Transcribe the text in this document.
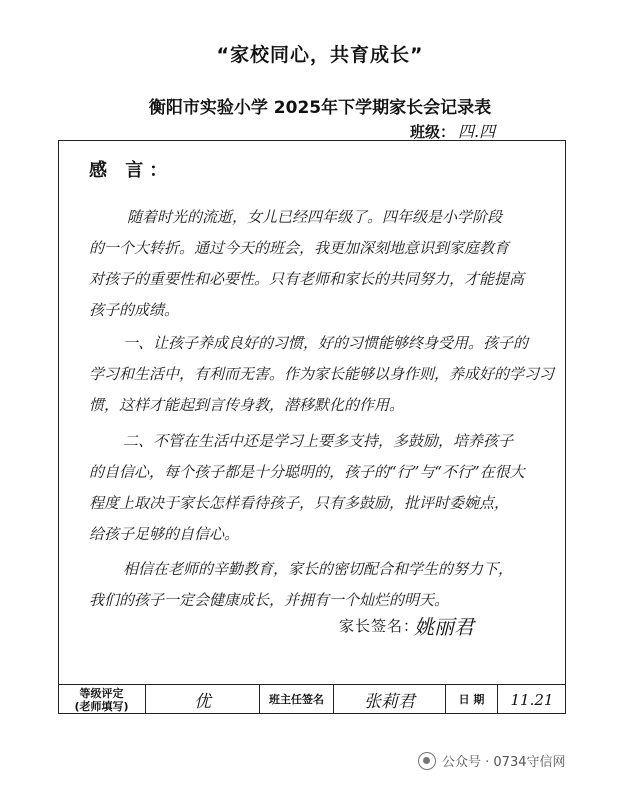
“家校同心，共育成长”
衡阳市实验小学 2025年下学期家长会记录表
班级： 四.四
感 言：
随着时光的流逝，女儿已经四年级了。四年级是小学阶段
的一个大转折。通过今天的班会，我更加深刻地意识到家庭教育
对孩子的重要性和必要性。只有老师和家长的共同努力，才能提高
孩子的成绩。
一、让孩子养成良好的习惯，好的习惯能够终身受用。孩子的
学习和生活中，有利而无害。作为家长能够以身作则，养成好的学习习
惯，这样才能起到言传身教，潜移默化的作用。
二、不管在生活中还是学习上要多支持，多鼓励，培养孩子
的自信心，每个孩子都是十分聪明的，孩子的“行”与“不行”在很大
程度上取决于家长怎样看待孩子，只有多鼓励，批评时委婉点，
给孩子足够的自信心。
相信在老师的辛勤教育，家长的密切配合和学生的努力下，
我们的孩子一定会健康成长，并拥有一个灿烂的明天。
家长签名：
姚丽君
等级评定
(老师填写)	优	班主任签名 张莉君	日 期 11.21
公众号 · 0734守信网
